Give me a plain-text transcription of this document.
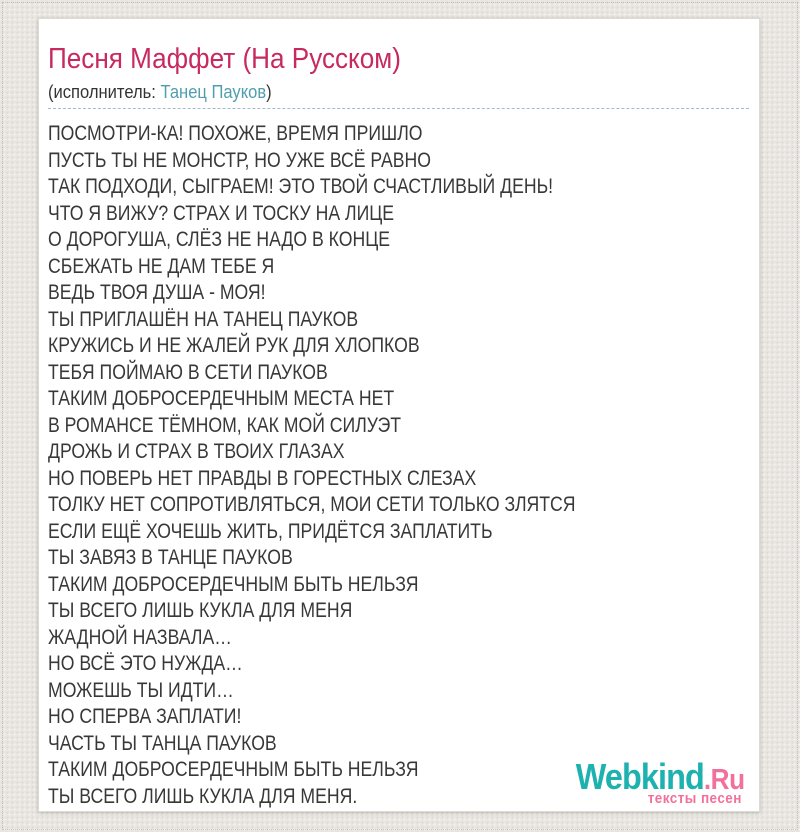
Песня Маффет (На Русском)
(исполнитель: Танец Пауков)
ПОСМОТРИ-КА! ПОХОЖЕ, ВРЕМЯ ПРИШЛО
ПУСТЬ ТЫ НЕ МОНСТР, НО УЖЕ ВСЁ РАВНО
ТАК ПОДХОДИ, СЫГРАЕМ! ЭТО ТВОЙ СЧАСТЛИВЫЙ ДЕНЬ!
ЧТО Я ВИЖУ? СТРАХ И ТОСКУ НА ЛИЦЕ
О ДОРОГУША, СЛЁЗ НЕ НАДО В КОНЦЕ
СБЕЖАТЬ НЕ ДАМ ТЕБЕ Я
ВЕДЬ ТВОЯ ДУША - МОЯ!
ТЫ ПРИГЛАШЁН НА ТАНЕЦ ПАУКОВ
КРУЖИСЬ И НЕ ЖАЛЕЙ РУК ДЛЯ ХЛОПКОВ
ТЕБЯ ПОЙМАЮ В СЕТИ ПАУКОВ
ТАКИМ ДОБРОСЕРДЕЧНЫМ МЕСТА НЕТ
В РОМАНСЕ ТЁМНОМ, КАК МОЙ СИЛУЭТ
ДРОЖЬ И СТРАХ В ТВОИХ ГЛАЗАХ
НО ПОВЕРЬ НЕТ ПРАВДЫ В ГОРЕСТНЫХ СЛЕЗАХ
ТОЛКУ НЕТ СОПРОТИВЛЯТЬСЯ, МОИ СЕТИ ТОЛЬКО ЗЛЯТСЯ
ЕСЛИ ЕЩЁ ХОЧЕШЬ ЖИТЬ, ПРИДЁТСЯ ЗАПЛАТИТЬ
ТЫ ЗАВЯЗ В ТАНЦЕ ПАУКОВ
ТАКИМ ДОБРОСЕРДЕЧНЫМ БЫТЬ НЕЛЬЗЯ
ТЫ ВСЕГО ЛИШЬ КУКЛА ДЛЯ МЕНЯ
ЖАДНОЙ НАЗВАЛА…
НО ВСЁ ЭТО НУЖДА…
МОЖЕШЬ ТЫ ИДТИ…
НО СПЕРВА ЗАПЛАТИ!
ЧАСТЬ ТЫ ТАНЦА ПАУКОВ
ТАКИМ ДОБРОСЕРДЕЧНЫМ БЫТЬ НЕЛЬЗЯ
ТЫ ВСЕГО ЛИШЬ КУКЛА ДЛЯ МЕНЯ.	Webkind.Ru
тексты песен
